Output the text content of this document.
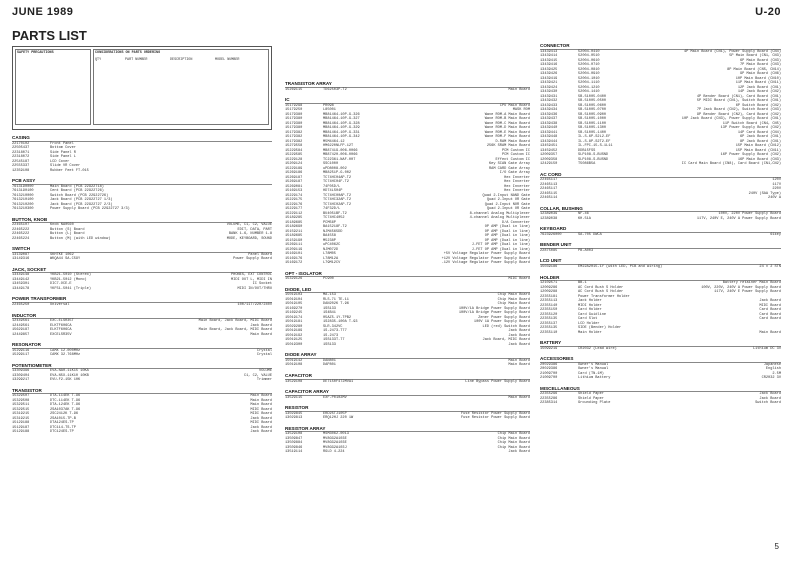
JUNE 1989	U-20
PARTS LIST
SAFETY PRECAUTIONS	CONSIDERATIONS ON PARTS ORDERING
QTY	PART NUMBER	DESCRIPTION	MODEL NUMBER
CASING
22170102	Front Panel
22505437	Bottom Cover
22318071	Side Panel R
22318072	Side Panel L
22545187	LCD Cover
22555337	Slide VR Cover
12359108	Rubber Feet FT-015
PCB ASSY
7613190000	Main Board (PCB 22922718)
7613190100	Cent Board (PCB 22922726)
7613210000	Switch Board (PCB 22922726)
7613210100	Jack Board (PCB 22922727 1/3)
7613210200	Jack Board (PCB 22922727 2/3)
7613210300	Power Supply Board (PCB 22922727 3/3)
BUTTON, KNOB
22465107	Knob NA0560	VOLUME, C1, C2, VALUE
22465222	Button (S) Board	EDIT, DATA, PART
22465222	Button (L) Board	BANK 1-6, NUMBER 1-8
22465224	Button (M) (with LED window)	MODE, KEYBOARD, SOUND
SWITCH
13139087	SKHTKE 1062	Panel Board
13149316	WKQA44 SA-C59Y	Power Supply Board
JACK, SOCKET
13449148	YKB21-5010 (Stereo)	PHONES, EXT CONTROL
13449142	YKB21-5012 (Mono)	MIDI OUT L, MIDI IN
13459301	DIC7-OCE-E	IC Socket
13449178	YKF51-5041 (Triple)	MIDI IN/OUT/THRU
POWER TRANSFORMER
22465250	Universal	100/117/220/240V
INDUCTOR
12449561	EXC-ELSR35T	Main Board, Jack Board, MIDI Board
12449561	ELKTF606CA	Jack Board
15629187	ELKTF606CA	Main Board, Jack Board, MIDI Board
12449857	EXCELSR35V	Main Board
RESONATOR
15299116	CAMX 12.000MHz	Crystal
15299117	CAMX 32.768MHz	Crystal
POTENTIOMETER
13309396	EVA-NA0-11K15 10KA	VOLUME
13309404	EVA-N5X-11K10 10KB	C1, C2, VALUE
13299217	EVU-F2-15K 10K	Trimmer
TRANSISTOR
15329507	DTA-114EK T-96	Main Board
15329508	DTC-114EK T-96	Main Board
15329511	DTA-124EK T-96	Main Board
15329515	2SA1037AK T-96	MIDI Board
15319215	2SC2412K T-96	MIDI Board
15319215	2SA1015-TP-B	Jack Board
15129188	DTA124ES-TP	MIDI Board
15129187	DTC114-TS-TP	Jack Board
15129188	DTC124ES-TP	Jack Board
TRANSISTOR ARRAY
15269115	TD62503P-T2	Main Board
IC
15179298	PR098	CPU Main Board
15179250	L85001	MASK ROM
15179380	MB81464-10P-G-326	Wave ROM-A Main Board
15179380	MB81464-10P-G-327	Wave ROM-B Main Board
15179380	MB81464-10P-G-328	Wave ROM-C Main Board
15179380	MB81464-10P-G-329	Wave ROM-D Main Board
15179382	MB81464-10P-G-331	Wave ROM-E Main Board
15179382	MB81464-10P-G-342	Wave ROM-F Main Board
15179382	M5M4464-12	D-RAM Main Board
15279558	HM6220NLFP-12T	256K SRAM Main Board
15229584	MB87419-006-0066	PCM Custom IC
15229585	MB87420-006-0066	PCM Custom IC
15229128	TC22361-NAF-007	Effect Custom IC
15209124	SSC1000	Key SCAN Gate Array
15229189	uPD8008-002	RAM CARD Gate Array
15269186	MB8251P-G-002	I/O Gate Array
15269187	TC74HC04AP-T2	Hex Inverter
15269187	TC74HC04F-T2	Hex Inverter
15269081	74F05D/L	Hex Inverter
15169153	HD74LS04P	Hex Inverter
15229174	TC74HC00AP-T2	Quad 2-Input NAND Gate
15229175	TC74HC32AP-T2	Quad 2-Input OR Gate
15229176	TC74HC02AP-T2	Quad 2-Input NOR Gate
15229177	74F32D/L	Quad 2-Input OR Gate
15229112	BU4051BF-T2	8-channel Analog Multiplexer
15189285	TC74HC4052	4-channel Analog Multiplexer
15189685	PCM56P	D/A Converter
15189690	BA15218F-T2	OP AMP (Dual in line)
15159211	NJM4565DD	OP AMP (Dual in line)
15189685	BA4558	OP AMP (Dual in line)
15159190	M5238P	OP AMP (Dual in line)
15269111	uPC4062C	J-FET OP AMP (Dual in line)
15209119	NJM072D	J-FET OP AMP (Dual in line)
15169101	L78M05	+5V Voltage Regulator Power Supply Board
15169176	L78M12A	+12V Voltage Regulator Power Supply Board
15169172	L79M12CV	-12V Voltage Regulator Power Supply Board
OPT - ISOLATOR
15329126	PC900	MIDI Board
DIODE, LED
15019103	MA-153	Chip Main Board
15019104	RLS-71 TE-11	Chip Main Board
15019105	DAN202K T-96	Chip Main Board
15169270	1SS133	100V/1A Bridge Power Supply Board
15169245	1S4B41	100V/1A Bridge Power Supply Board
15019174	05AZ5.1Y-TPB2	Zener Power Supply Board
15019181	1S2835-100A T-93	100V 1A Power Supply Board
15029280	SLR-342VC	LED (red) Switch Board
15019189	1S-2473-T77	Jack Board
15019192	1S-2473	Jack Board
15019125	1SS133T-77	Jack Board, MIDI Board
15019300	1SS133	Jack Board
DIODE ARRAY
15019142	DAN801	Main Board
15019108	DAP801	Main Board
CAPACITOR
13529108	DE7150F472MVA1	Line Bypass Power Supply Board
CAPACITOR ARRAY
13529115	EXF-P0102MV	Main Board
RESISTOR
13029845	ERD25TJ105P	Fuse Resistor Power Supply Board
13029813	ERQ12HJ 220 1W	Fuse Resistor Power Supply Board
RESISTOR ARRAY
13529108	MSM3062-0013	Chip Main Board
13509847	MV8GG2A103E	Chip Main Board
13509884	MV8GG2A103E	Chip Main Board
13509846	MV8GG2A103J	Chip Main Board
13519114	RGLD 4-224	Jack Board
CONNECTOR
13439413	52004-0410	4P Main Board (CN1), Power Supply Board (CN4)
13439414	52004-0510	5P Main Board (CN1, CN3)
13439415	52004-0610	6P Main Board (CN3)
13439416	52004-0710	7P Main Board (CN3)
13439425	52004-0810	8P Main Board (CN5, CN14)
13439426	52004-0910	9P Main Board (CN6)
13439419	52004-1010	10P Main Board (CN10)
13439421	52004-1110	11P Main Board (CN11)
13439424	52004-1210	12P Jack Board (CN1)
13439430	52004-1410	14P Jack Board (CN2)
13439431	5B-51005-0400	4P Bender Board (CN1), Card Board (CN1)
13439432	5B-51005-0500	5P MIDI Board (CN1), Switch Board (CN1)
13439433	5B-51005-0600	6P Switch Board (CN2)
13439434	5B-51005-0700	7P Jack Board (CN2), Switch Board (CN3)
13439436	5B-51005-0900	9P Bender Board (CN2), Card Board (CN2)
13439437	5B-51005-1000	10P Jack Board (CN3), Power Supply Board (CN1)
13439438	5B-51005-1100	11P Switch Board (CN4, CN5)
13439440	5B-51005-1300	13P Power Supply Board (CN2)
13439441	5B-51005-1400	14P Card Board (CN4)
13439448	IL-S-6P-S2L2-EF	6P Jack Board (CN1)
13439444	IL-S-8P-S2T2-EF	8P Jack Board (CN1)
13459451	IL-FPC-15-S-1L11	15P Main Board (CN12)
13459452	DDB15FSS	15P Main Board (CN11)
12009357	SLP108-S-BUSND	16P Power Supply Board (CN2)
12009358	SLP108-S-BUSND	16P Main Board (CN3)
12429150	T5086B5A	IC Card Main Board (CN8), Card Board (CN1,CN2)
AC CORD
22465117	120V
22465113	117V
22465117	220V
22465115	240V (SAA Type)
22465114	240V A
COLLAR, BUSHING
12389039	NF-46	100V, 220V Power Supply Board
12389038	KH-51A	117V, 240V E, 240V A Power Supply Board
KEYBOARD
7623926000	SA-705 DWCA	61key
BENDER UNIT
22875085	PB-A003
LCD UNIT
15039186	EM22A2015-1Y (with LED, PCB and wiring)	24 x 2 STN
HOLDER
12109571	BB-1	Battery retainer Main Board
12009286	AC Cord Bush S Holder	100V, 220V, 240V A Power Supply Board
12009288	AC Cord Bush S Holder	117V, 240V E Power Supply Board
22355181	Power Transformer Holder
22355113	Jack Holder	Jack Board
22355140	MIDI Holder	MIDI Board
22355150	Card Holder	Card Board
22355120	Card Guidline	Card Board
22355135	Card Slot	Card Board
22355137	LCD Holder
22355135	SIDE (Bender) Holder
22355110	Main Holder	Main Board
BATTERY
15099219	CR2032 (Lead wire)	Lithium DC 3V
ACCESSORIES
20029386	Owner's Manual	Japanese
20029386	Owner's Manual	English
21009700	Card (TN-1M)	2.5M
21009700	Lithium Battery	CR2032 3V
MISCELLANEOUS
22355296	Shield Paper	Jack Board
22355286	Shield Paper	Jack Board
22385314	Grounding Plate	Switch Board
5
